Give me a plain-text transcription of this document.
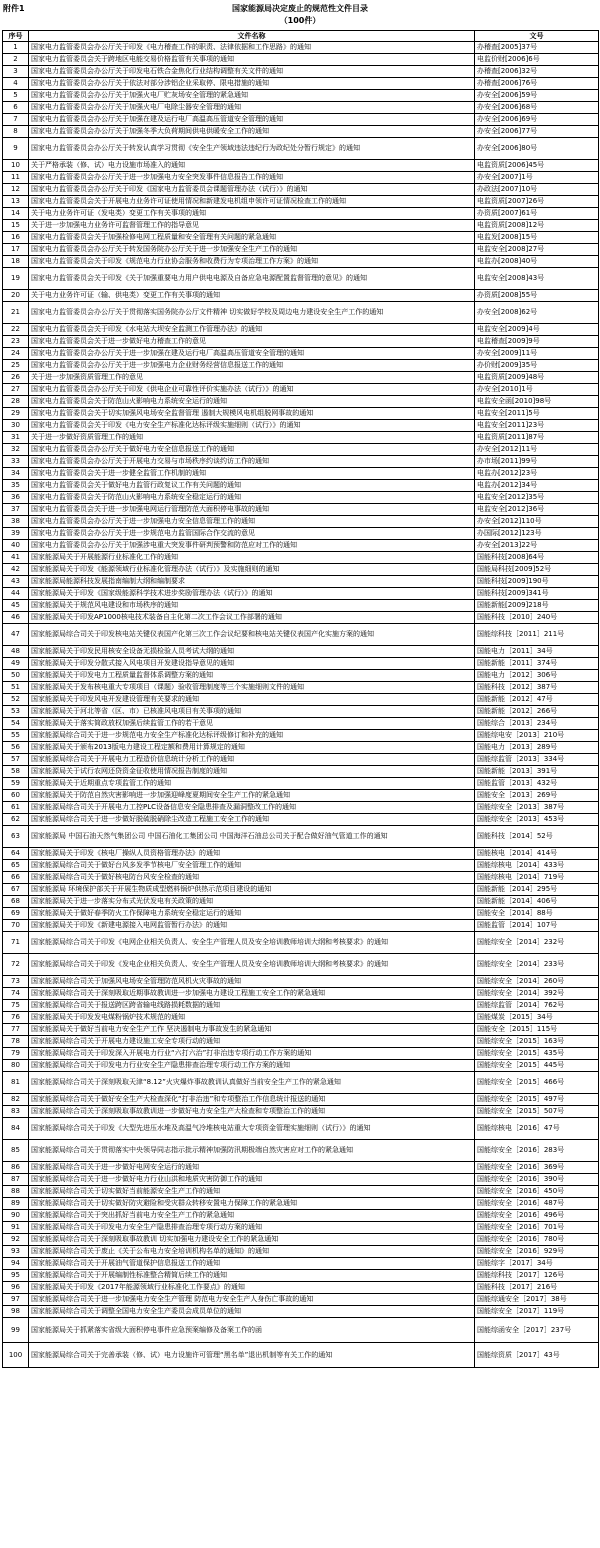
附件1	国家能源局决定废止的规范性文件目录
（100件）
序号	文件名称	文号
1	国家电力监管委员会办公厅关于印发《电力稽查工作的职责、法律依据和工作思路》的通知	办稽查[2005]37号
2	国家电力监管委员会关于跨地区电能交易价格监管有关事项的通知	电监价财[2006]6号
3	国家电力监管委员会办公厅关于印发电石铁合金焦化行业结构调整有关文件的通知	办稽查[2006]32号
4	国家电力监管委员会办公厅关于依法对部分涉铝企业采取停、限电措施的通知	办稽查[2006]76号
5	国家电力监管委员会办公厅关于加强火电厂贮灰场安全管理的紧急通知	办安全[2006]59号
6	国家电力监管委员会办公厅关于加强火电厂电除尘器安全管理的通知	办安全[2006]68号
7	国家电力监管委员会办公厅关于加强在建及运行电厂高温高压管道安全管理的通知	办安全[2006]69号
8	国家电力监管委员会办公厅关于加强冬季大负荷期间供电供暖安全工作的通知	办安全[2006]77号
9	国家电力监管委员会办公厅关于转发认真学习贯彻《安全生产领域违法违纪行为政纪处分暂行规定》的通知	办安全[2006]80号
10	关于严格承装（修、试）电力设施市场准入的通知	电监资质[2006]45号
11	国家电力监管委员会办公厅关于进一步加强电力安全突发事件信息报告工作的通知	办安全[2007]1号
12	国家电力监管委员会办公厅关于印发《国家电力监管委员会课题管理办法（试行）》的通知	办政法[2007]10号
13	国家电力监管委员会关于开展电力业务许可证使用情况和新建发电机组申领许可证情况检查工作的通知	电监资质[2007]26号
14	关于电力业务许可证（发电类）变更工作有关事项的通知	办资质[2007]61号
15	关于进一步加强电力业务许可监督管理工作的指导意见	电监资质[2008]12号
16	国家电力监管委员会关于加强检修电网工程质量和安全管理有关问题的紧急通知	电监发[2008]15号
17	国家电力监管委员会办公厅关于转发国务院办公厅关于进一步加强安全生产工作的通知	电监安全[2008]27号
18	国家电力监管委员会关于印发《规范电力行业协会服务和收费行为专项治理工作方案》的通知	电监办[2008]40号
19	国家电力监管委员会关于印发《关于加强重要电力用户供电电源及自备应急电源配置监督管理的意见》的通知	电监安全[2008]43号
20	关于电力业务许可证（输、供电类）变更工作有关事项的通知	办资质[2008]55号
21	国家电力监管委员会办公厅关于贯彻落实国务院办公厅文件精神 切实做好学校及周边电力建设安全生产工作的通知	办安全[2008]62号
22	国家电力监管委员会关于印发《水电站大坝安全监测工作管理办法》的通知	电监安全[2009]4号
23	国家电力监管委员会关于进一步做好电力稽查工作的意见	电监稽查[2009]9号
24	国家电力监管委员会办公厅关于进一步加强在建及运行电厂高温高压管道安全管理的通知	办安全[2009]11号
25	国家电力监管委员会办公厅关于进一步加强电力企业财务经营信息报送工作的通知	办价财[2009]35号
26	关于进一步加强资质管理工作的意见	电监资质[2009]48号
27	国家电力监管委员会办公厅关于印发《供电企业可靠性评价实施办法（试行）》的通知	办安全[2010]1号
28	国家电力监管委员会关于防范山火影响电力系统安全运行的通知	电监安全函[2010]98号
29	国家电力监管委员会关于切实加强风电场安全监督管理 遏制大规模风电机组脱网事故的通知	电监安全[2011]5号
30	国家电力监管委员会关于印发《电力安全生产标准化达标评级实施细则（试行）》的通知	电监安全[2011]23号
31	关于进一步做好资质管理工作的通知	电监资质[2011]87号
32	国家电力监管委员会办公厅关于做好电力安全信息报送工作的通知	办安全[2012]11号
33	国家电力监管委员会办公厅关于开展电力交易与市场秩序约谈约访工作的通知	办市场[2011]99号
34	国家电力监管委员会关于进一步健全监管工作机制的通知	电监办[2012]23号
35	国家电力监管委员会关于做好电力监管行政复议工作有关问题的通知	电监办[2012]34号
36	国家电力监管委员会关于防范山火影响电力系统安全稳定运行的通知	电监安全[2012]35号
37	国家电力监管委员会关于进一步加强电网运行管理防范大面积停电事故的通知	电监安全[2012]36号
38	国家电力监管委员会办公厅关于进一步加强电力安全信息管理工作的通知	办安全[2012]110号
39	国家电力监管委员会办公厅关于进一步规范电力监管国际合作交流的意见	办国际[2012]123号
40	国家电力监管委员会办公厅关于加强涉电重大突发事件研判预警和防范应对工作的通知	办安全[2013]22号
41	国家能源局关于开展能源行业标准化工作的通知	国能科技[2008]64号
42	国家能源局关于印发《能源领域行业标准化管理办法（试行）》及实施细则的通知	国能局科技[2009]52号
43	国家能源局能源科技发展指南编制大纲和编制要求	国能科技[2009]190号
44	国家能源局关于印发《国家级能源科学技术进步奖励管理办法（试行）》的通知	国能科技[2009]341号
45	国家能源局关于规范风电建设和市场秩序的通知	国能新能[2009]218号
46	国家能源局关于印发AP1000核电技术装备自主化第二次工作会议工作部署的通知	国能科技［2010］240号
47	国家能源局综合司关于印发核电站关键仪表国产化第三次工作会议纪要和核电站关键仪表国产化实施方案的通知	国能综科技［2011］211号
48	国家能源局关于印发民用核安全设备无损检验人员考试大纲的通知	国能电力［2011］34号
49	国家能源局关于印发分散式接入风电项目开发建设指导意见的通知	国能新能［2011］374号
50	国家能源局关于印发电力工程质量监督体系调整方案的通知	国能电力［2012］306号
51	国家能源局关于发布核电重大专项项目（课题）验收管理制度等三个实施细则文件的通知	国能科技［2012］387号
52	国家能源局关于印发风电开发建设管理有关要求的通知	国能新能［2012］47号
53	国家能源局关于河北等省（区、市）已核准风电项目有关事项的通知	国能新能［2012］266号
54	国家能源局关于落实简政放权加强后续监管工作的若干意见	国能综合［2013］234号
55	国家能源局综合司关于进一步规范电力安全生产标准化达标评级修订和补充的通知	国能综电安［2013］210号
56	国家能源局关于颁布2013版电力建设工程定额和费用计算规定的通知	国能电力［2013］289号
57	国家能源局综合司关于开展电力工程造价信息统计分析工作的通知	国能综监管［2013］334号
58	国家能源局关于试行农网还贷资金征收使用情况报告制度的通知	国能新能［2013］391号
59	国家能源局关于近期重点专项监管工作的通知	国能监管［2013］432号
60	国家能源局关于防范自然灾害影响进一步加强迎峰度夏期间安全生产工作的紧急通知	国能安全［2013］269号
61	国家能源局综合司关于开展电力工控PLC设备信息安全隐患排查及漏洞整改工作的通知	国能综安全［2013］387号
62	国家能源局综合司关于进一步做好脱硫脱硝除尘改造工程施工安全工作的通知	国能综安全［2013］453号
63	国家能源局 中国石油天然气集团公司 中国石油化工集团公司 中国海洋石油总公司关于配合做好油气管道工作的通知	国能科技［2014］52号
64	国家能源局关于印发《核电厂操纵人员资格管理办法》的通知	国能核电［2014］414号
65	国家能源局综合司关于做好台风多发季节核电厂安全管理工作的通知	国能综核电［2014］433号
66	国家能源局综合司关于做好核电防台风安全检查的通知	国能综核电［2014］719号
67	国家能源局 环境保护部关于开展生物质成型燃料锅炉供热示范项目建设的通知	国能新能［2014］295号
68	国家能源局关于进一步落实分布式光伏发电有关政策的通知	国能新能［2014］406号
69	国家能源局关于做好春季防火工作保障电力系统安全稳定运行的通知	国能安全［2014］88号
70	国家能源局关于印发《新建电源接入电网监管暂行办法》的通知	国能监管［2014］107号
71	国家能源局综合司关于印发《电网企业相关负责人、安全生产管理人员及安全培训教师培训大纲和考核要求》的通知	国能综安全［2014］232号
72	国家能源局综合司关于印发《发电企业相关负责人、安全生产管理人员及安全培训教师培训大纲和考核要求》的通知	国能综安全［2014］233号
73	国家能源局综合司关于加强风电场安全管理防范风机火灾事故的通知	国能综安全［2014］260号
74	国家能源局综合司关于深刻吸取近期事故教训进一步加强电力建设工程施工安全工作的紧急通知	国能综安全［2014］392号
75	国家能源局综合司关于报送跨区跨省输电线路损耗数据的通知	国能综监管［2014］762号
76	国家能源局关于印发发电煤粉锅炉技术规范的通知	国能煤炭［2015］34号
77	国家能源局关于做好当前电力安全生产工作 坚决遏制电力事故发生的紧急通知	国能安全［2015］115号
78	国家能源局综合司关于开展电力建设施工安全专项行动的通知	国能综安全［2015］163号
79	国家能源局综合司关于印发深入开展电力行业“六打六治”打非治违专项行动工作方案的通知	国能综安全［2015］435号
80	国家能源局综合司关于印发电力行业安全生产隐患排查治理专项行动工作方案的通知	国能综安全［2015］445号
81	国家能源局综合司关于深刻吸取天津“8.12”火灾爆炸事故教训认真做好当前安全生产工作的紧急通知	国能综安全［2015］466号
82	国家能源局综合司关于做好安全生产大检查深化“打非治违”和专项整治工作信息统计报送的通知	国能综安全［2015］497号
83	国家能源局综合司关于深刻吸取事故教训进一步做好电力安全生产大检查和专项整治工作的通知	国能综安全［2015］507号
84	国家能源局综合司关于印发《大型先进压水堆及高温气冷堆核电站重大专项资金管理实施细则（试行）》的通知	国能综核电［2016］47号
85	国家能源局综合司关于贯彻落实中央领导同志指示批示精神加强防汛期极端自然灾害应对工作的紧急通知	国能综安全［2016］283号
86	国家能源局综合司关于进一步做好电网安全运行的通知	国能综安全［2016］369号
87	国家能源局综合司关于进一步做好电力行业山洪和地质灾害防御工作的通知	国能综安全［2016］390号
88	国家能源局综合司关于切实做好当前能源安全生产工作的通知	国能综安全［2016］450号
89	国家能源局综合司关于切实做好防灾避险和受灾群众转移安置电力保障工作的紧急通知	国能综安全［2016］487号
90	国家能源局综合司关于突出抓好当前电力安全生产工作的紧急通知	国能综安全［2016］496号
91	国家能源局综合司关于印发电力安全生产隐患排查治理专项行动方案的通知	国能综安全［2016］701号
92	国家能源局综合司关于深刻吸取事故教训 切实加强电力建设安全工作的紧急通知	国能综安全［2016］780号
93	国家能源局综合司关于废止《关于公布电力安全培训机构名单的通知》的通知	国能综安全［2016］929号
94	国家能源局综合司关于开展油气管道保护信息报送工作的通知	国能综字［2017］34号
95	国家能源局综合司关于开展编制性标准整合精简后续工作的通知	国能综科技［2017］126号
96	国家能源局关于印发《2017年能源领域行业标准化工作要点》的通知	国能科技［2017］216号
97	国家能源局综合司关于进一步加强电力安全生产管理 防范电力安全生产人身伤亡事故的通知	国能综通安全［2017］38号
98	国家能源局综合司关于调整全国电力安全生产委员会成员单位的通知	国能综安全［2017］119号
99	国家能源局关于抓紧落实省级大面积停电事件应急预案编修及备案工作的函	国能综函安全［2017］237号
100	国家能源局综合司关于完善承装（修、试）电力设施许可管理“黑名单”退出机制等有关工作的通知	国能综资质［2017］43号
